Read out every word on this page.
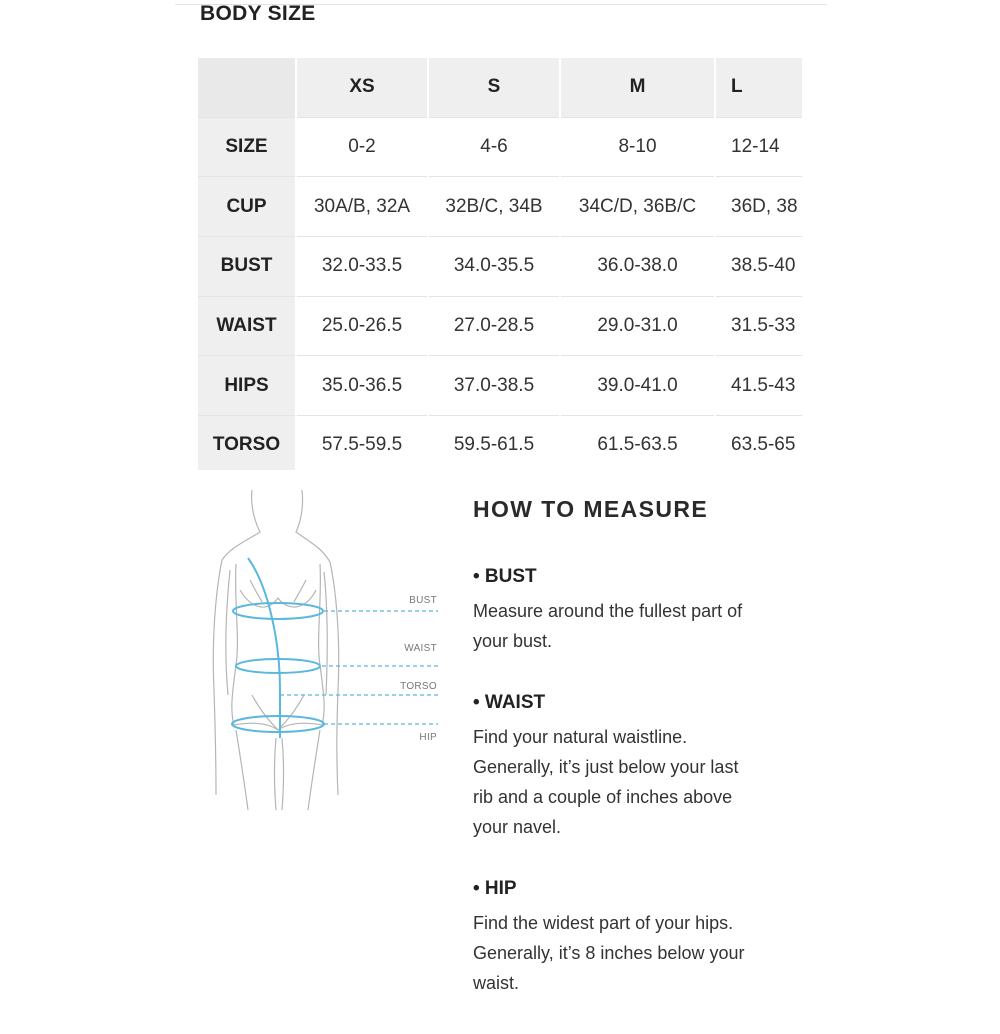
BODY SIZE
	XS	S	M	L
SIZE	0-2	4-6	8-10	12-14
CUP	30A/B, 32A	32B/C, 34B	34C/D, 36B/C	36D, 38
BUST	32.0-33.5	34.0-35.5	36.0-38.0	38.5-40
WAIST	25.0-26.5	27.0-28.5	29.0-31.0	31.5-33
HIPS	35.0-36.5	37.0-38.5	39.0-41.0	41.5-43
TORSO	57.5-59.5	59.5-61.5	61.5-63.5	63.5-65
BUST
WAIST
TORSO
HIP
HOW TO MEASURE
• BUST
Measure around the fullest part of
your bust.
• WAIST
Find your natural waistline.
Generally, it’s just below your last
rib and a couple of inches above
your navel.
• HIP
Find the widest part of your hips.
Generally, it’s 8 inches below your
waist.
